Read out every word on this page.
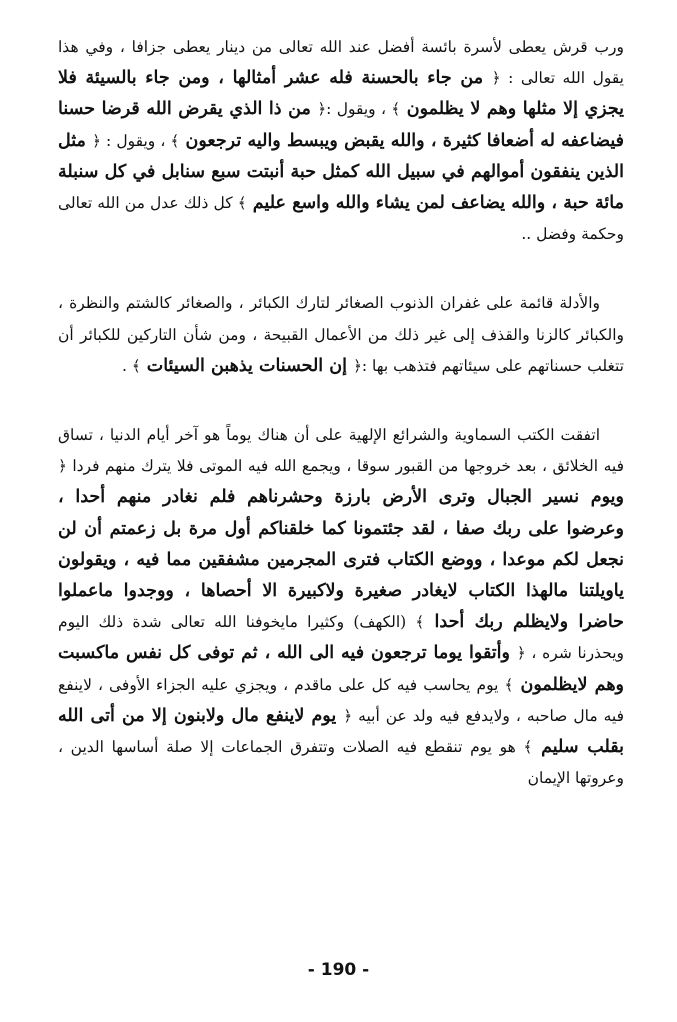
ورب قرش يعطى لأسرة بائسة أفضل عند الله تعالى من دينار يعطى جزافا ، وفي هذا يقول الله تعالى : ﴿ من جاء بالحسنة فله عشر أمثالها ، ومن جاء بالسيئة فلا يجزي إلا مثلها وهم لا يظلمون ﴾ ، ويقول :﴿ من ذا الذي يقرض الله قرضا حسنا فيضاعفه له أضعافا كثيرة ، والله يقبض ويبسط واليه ترجعون ﴾ ، ويقول : ﴿ مثل الذين ينفقون أموالهم في سبيل الله كمثل حبة أنبتت سبع سنابل في كل سنبلة مائة حبة ، والله يضاعف لمن يشاء والله واسع عليم ﴾ كل ذلك عدل من الله تعالى وحكمة وفضل ..

والأدلة قائمة على غفران الذنوب الصغائر لتارك الكبائر ، والصغائر كالشتم والنظرة ، والكبائر كالزنا والقذف إلى غير ذلك من الأعمال القبيحة ، ومن شأن التاركين للكبائر أن تتغلب حسناتهم على سيئاتهم فتذهب بها :﴿ إن الحسنات يذهبن السيئات ﴾ .

اتفقت الكتب السماوية والشرائع الإلهية على أن هناك يوماً هو آخر أيام الدنيا ، تساق فيه الخلائق ، بعد خروجها من القبور سوقا ، ويجمع الله فيه الموتى فلا يترك منهم فردا ﴿ ويوم نسير الجبال وترى الأرض بارزة وحشرناهم فلم نغادر منهم أحدا ، وعرضوا على ربك صفا ، لقد جئتمونا كما خلقناكم أول مرة بل زعمتم أن لن نجعل لكم موعدا ، ووضع الكتاب فترى المجرمين مشفقين مما فيه ، ويقولون ياويلتنا مالهذا الكتاب لايغادر صغيرة ولاكبيرة الا أحصاها ، ووجدوا ماعملوا حاضرا ولايظلم ربك أحدا ﴾ (الكهف) وكثيرا مايخوفنا الله تعالى شدة ذلك اليوم ويحذرنا شره ، ﴿ وأتقوا يوما ترجعون فيه الى الله ، ثم توفى كل نفس ماكسبت وهم لايظلمون ﴾ يوم يحاسب فيه كل على ماقدم ، ويجزي عليه الجزاء الأوفى ، لاينفع فيه مال صاحبه ، ولايدفع فيه ولد عن أبيه ﴿ يوم لاينفع مال ولابنون إلا من أتى الله بقلب سليم ﴾ هو يوم تنقطع فيه الصلات وتتفرق الجماعات إلا صلة أساسها الدين ، وعروتها الإيمان

- 190 -
